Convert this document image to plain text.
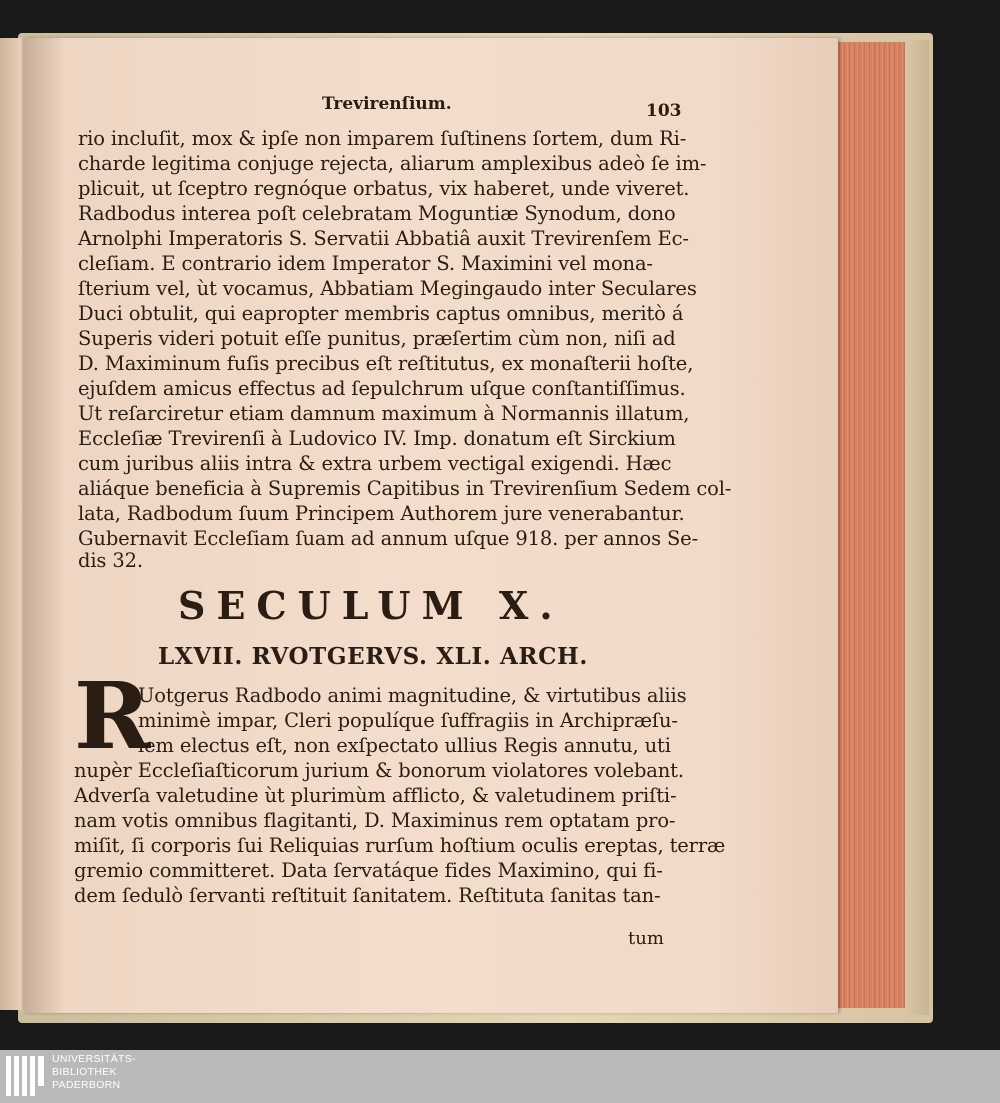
Trevirenſium.	103
rio incluſit, mox & ipſe non imparem ſuſtinens ſortem, dum Ri-
charde legitima conjuge rejecta, aliarum amplexibus adeò ſe im-
plicuit, ut ſceptro regnóque orbatus, vix haberet, unde viveret.
Radbodus interea poſt celebratam Moguntiæ Synodum, dono
Arnolphi Imperatoris S. Servatii Abbatiâ auxit Trevirenſem Ec-
cleſiam. E contrario idem Imperator S. Maximini vel mona-
ſterium vel, ùt vocamus, Abbatiam Megingaudo inter Seculares
Duci obtulit, qui eapropter membris captus omnibus, meritò á
Superis videri potuit eſſe punitus, præſertim cùm non, niſi ad
D. Maximinum fuſis precibus eſt reſtitutus, ex monaſterii hoſte,
ejuſdem amicus effectus ad ſepulchrum uſque conſtantiſſimus.
Ut reſarciretur etiam damnum maximum à Normannis illatum,
Eccleſiæ Trevirenſi à Ludovico IV. Imp. donatum eſt Sirckium
cum juribus aliis intra & extra urbem vectigal exigendi. Hæc
aliáque beneficia à Supremis Capitibus in Trevirenſium Sedem col-
lata, Radbodum ſuum Principem Authorem jure venerabantur.
Gubernavit Eccleſiam ſuam ad annum uſque 918. per annos Se-
dis 32.
SECULUM X.
LXVII. RVOTGERVS. XLI. ARCH.
R
Uotgerus Radbodo animi magnitudine, & virtutibus aliis
minimè impar, Cleri populíque ſuffragiis in Archipræſu-
lem electus eſt, non exſpectato ullius Regis annutu, uti
nupèr Eccleſiaſticorum jurium & bonorum violatores volebant.
Adverſa valetudine ùt plurimùm afflicto, & valetudinem priſti-
nam votis omnibus flagitanti, D. Maximinus rem optatam pro-
miſit, ſi corporis ſui Reliquias rurſum hoſtium oculis ereptas, terræ
gremio committeret. Data ſervatáque fides Maximino, qui fi-
dem ſedulò ſervanti reſtituit ſanitatem. Reſtituta ſanitas tan-
tum
UNIVERSITÄTS-
BIBLIOTHEK
PADERBORN
